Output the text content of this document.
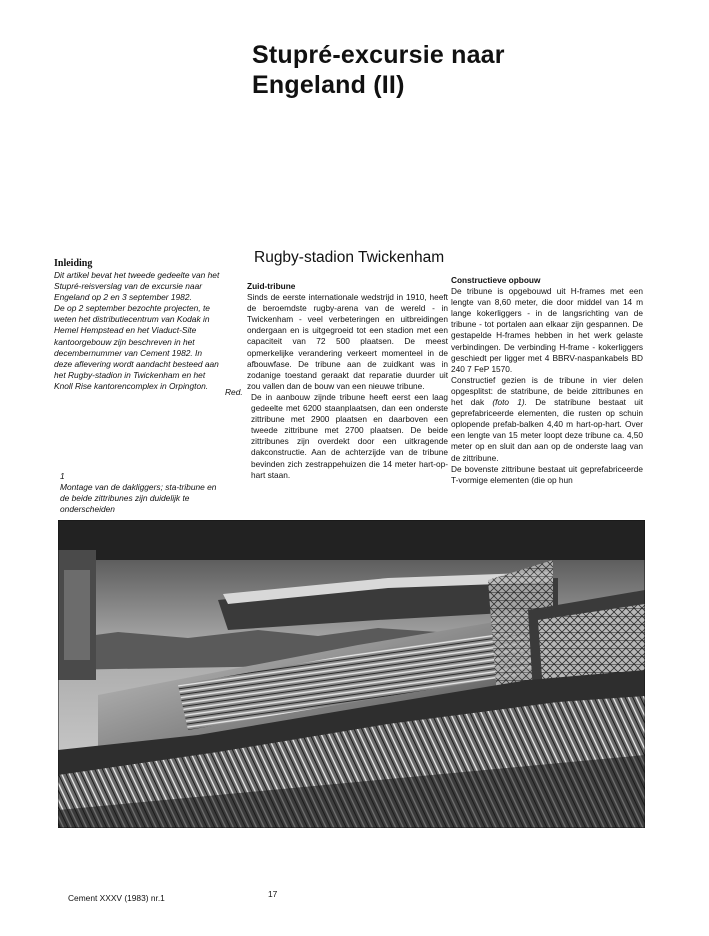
Stupré-excursie naar
Engeland (II)
Rugby-stadion Twickenham
Inleiding
Dit artikel bevat het tweede gedeelte van het
Stupré-reisverslag van de excursie naar
Engeland op 2 en 3 september 1982.
De op 2 september bezochte projecten, te
weten het distributiecentrum van Kodak in
Hemel Hempstead en het Viaduct-Site
kantoorgebouw zijn beschreven in het
decembernummer van Cement 1982. In
deze aflevering wordt aandacht besteed aan
het Rugby-stadion in Twickenham en het
Knoll Rise kantorencomplex in Orpington.
Red.
1
Montage van de dakliggers; sta-tribune en
de beide zittribunes zijn duidelijk te
onderscheiden
Zuid-tribune

Sinds de eerste internationale wedstrijd in 1910, heeft de beroemdste rugby-arena van de wereld - in Twickenham - veel verbeteringen en uitbreidingen ondergaan en is uitgegroeid tot een stadion met een capaciteit van 72 500 plaatsen. De meest opmerkelijke verandering verkeert momenteel in de afbouwfase. De tribune aan de zuidkant was in zodanige toestand geraakt dat reparatie duurder uit zou vallen dan de bouw van een nieuwe tribune.

De in aanbouw zijnde tribune heeft eerst een laag gedeelte met 6200 staanplaatsen, dan een onderste zittribune met 2900 plaatsen en daarboven een tweede zittribune met 2700 plaatsen. De beide zittribunes zijn overdekt door een uitkragende dakconstructie. Aan de achterzijde van de tribune bevinden zich zestrappehuizen die 14 meter hart-op-hart staan.

Constructieve opbouw

De tribune is opgebouwd uit H-frames met een lengte van 8,60 meter, die door middel van 14 m lange kokerliggers - in de langsrichting van de tribune - tot portalen aan elkaar zijn gespannen. De gestapelde H-frames hebben in het werk gelaste verbindingen. De verbinding H-frame - kokerliggers geschiedt per ligger met 4 BBRV-naspankabels BD 240 7 FeP 1570.

Constructief gezien is de tribune in vier delen opgesplitst: de statribune, de beide zittribunes en het dak (foto 1). De statribune bestaat uit geprefabriceerde elementen, die rusten op schuin oplopende prefab-balken 4,40 m hart-op-hart. Over een lengte van 15 meter loopt deze tribune ca. 4,50 meter op en sluit dan aan op de onderste laag van de zittribune.

De bovenste zittribune bestaat uit geprefabriceerde T-vormige elementen (die op hun

Cement XXXV (1983) nr.1	17
